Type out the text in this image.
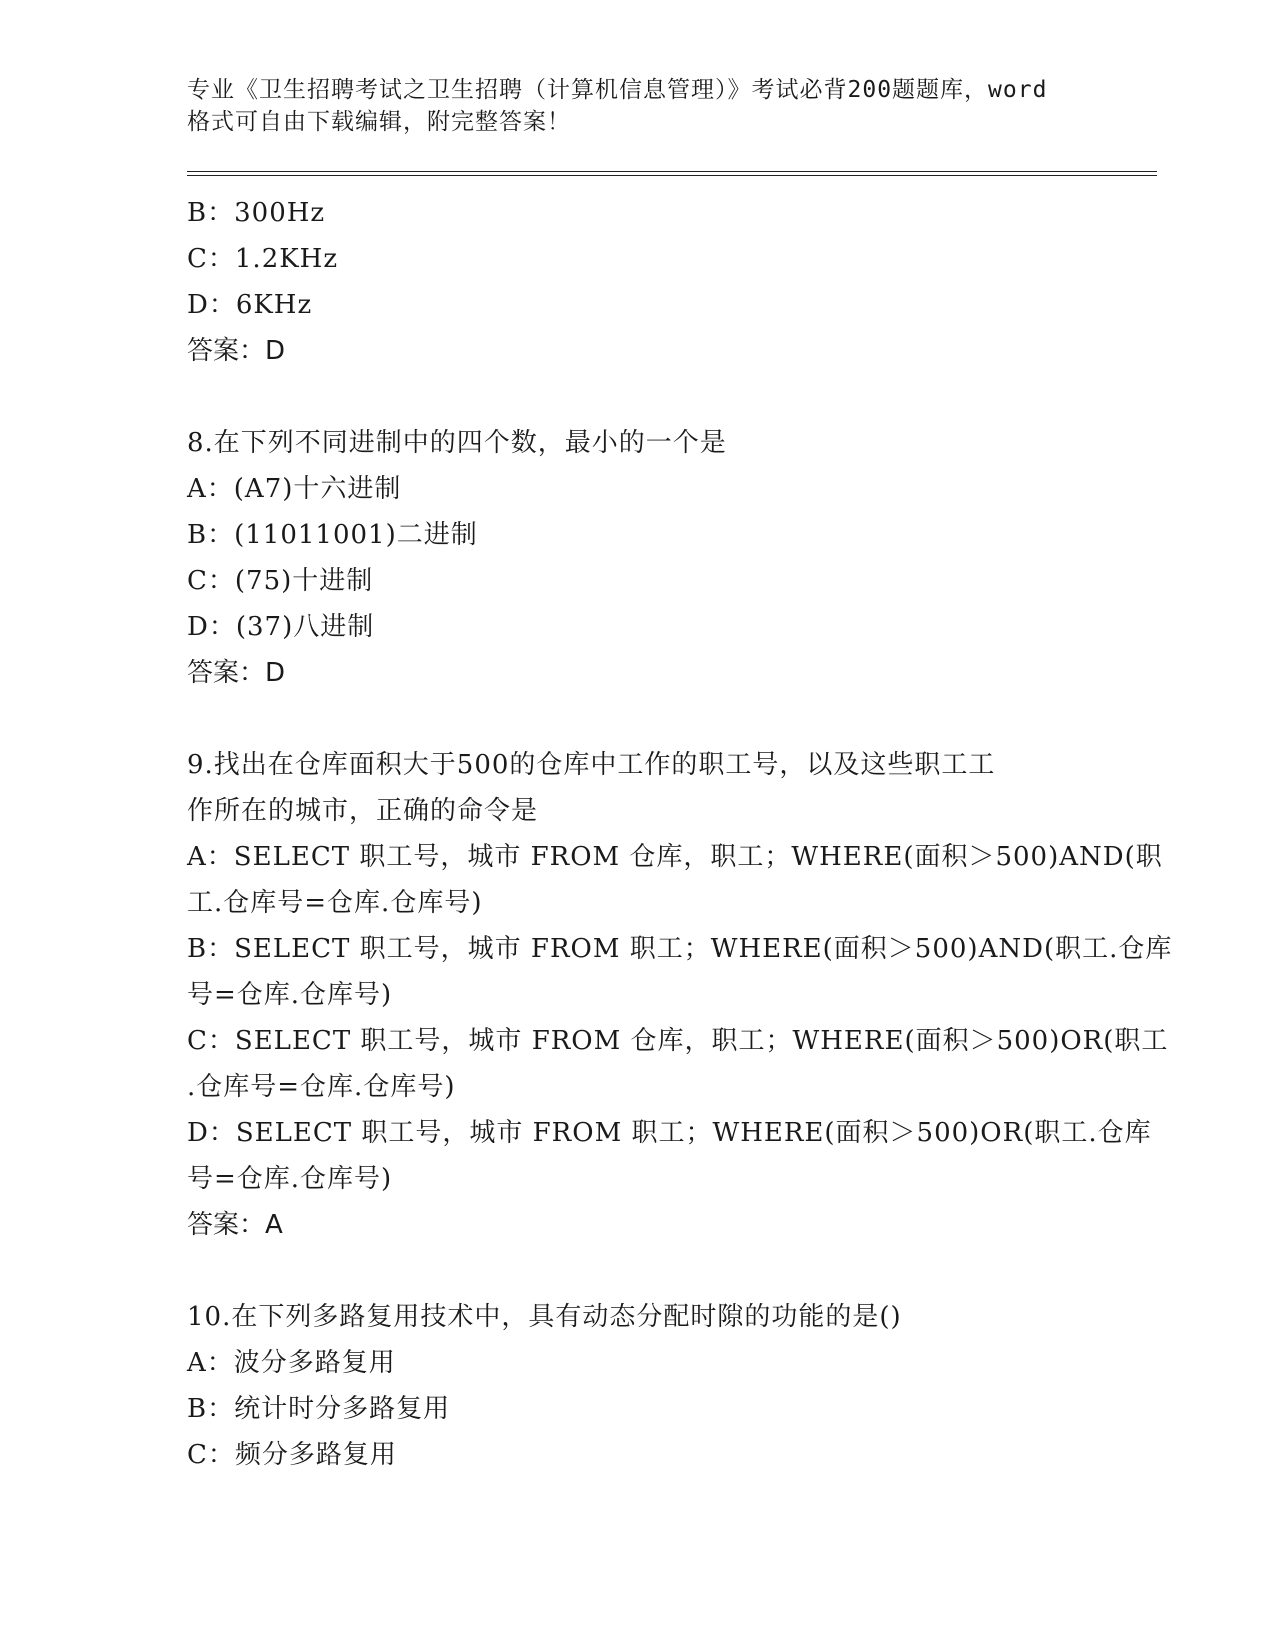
专业《卫生招聘考试之卫生招聘（计算机信息管理）》考试必背200题题库，word
格式可自由下载编辑，附完整答案！
B：300Hz
C：1.2KHz
D：6KHz
答案：D
8.在下列不同进制中的四个数，最小的一个是
A：(A7)十六进制
B：(11011001)二进制
C：(75)十进制
D：(37)八进制
答案：D
9.找出在仓库面积大于500的仓库中工作的职工号，以及这些职工工
作所在的城市，正确的命令是
A：SELECT 职工号，城市 FROM 仓库，职工；WHERE(面积＞500)AND(职
工.仓库号=仓库.仓库号)
B：SELECT 职工号，城市 FROM 职工；WHERE(面积＞500)AND(职工.仓库
号=仓库.仓库号)
C：SELECT 职工号，城市 FROM 仓库，职工；WHERE(面积＞500)OR(职工
.仓库号=仓库.仓库号)
D：SELECT 职工号，城市 FROM 职工；WHERE(面积＞500)OR(职工.仓库
号=仓库.仓库号)
答案：A
10.在下列多路复用技术中，具有动态分配时隙的功能的是()
A：波分多路复用
B：统计时分多路复用
C：频分多路复用
